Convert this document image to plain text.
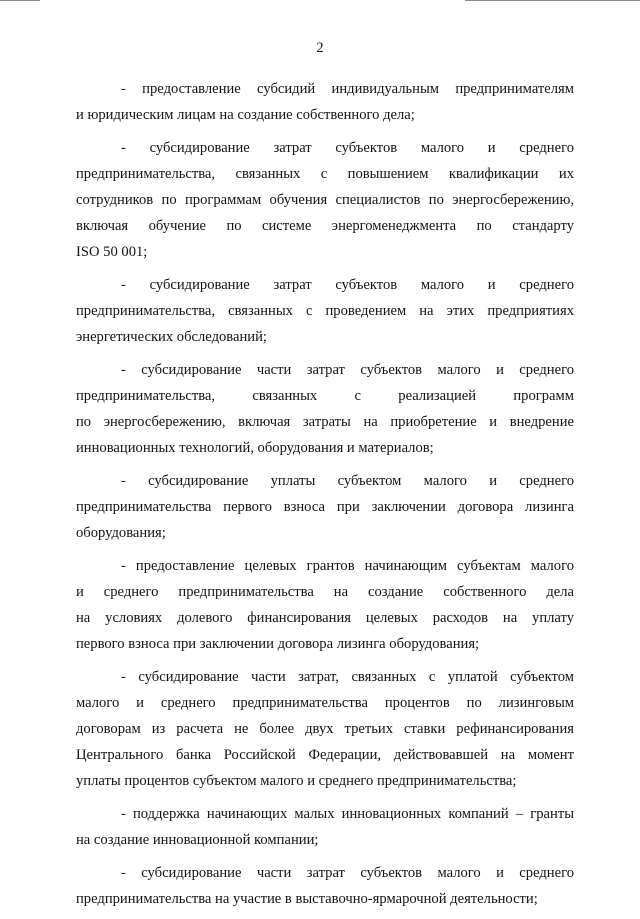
2

- предоставление субсидий индивидуальным предпринимателям
и юридическим лицам на создание собственного дела;

- субсидирование затрат субъектов малого и среднего
предпринимательства, связанных с повышением квалификации их
сотрудников по программам обучения специалистов по энергосбережению,
включая обучение по системе энергоменеджмента по стандарту
ISO 50 001;

- субсидирование затрат субъектов малого и среднего
предпринимательства, связанных с проведением на этих предприятиях
энергетических обследований;

- субсидирование части затрат субъектов малого и среднего
предпринимательства, связанных с реализацией программ
по энергосбережению, включая затраты на приобретение и внедрение
инновационных технологий, оборудования и материалов;

- субсидирование уплаты субъектом малого и среднего
предпринимательства первого взноса при заключении договора лизинга
оборудования;

- предоставление целевых грантов начинающим субъектам малого
и среднего предпринимательства на создание собственного дела
на условиях долевого финансирования целевых расходов на уплату
первого взноса при заключении договора лизинга оборудования;

- субсидирование части затрат, связанных с уплатой субъектом
малого и среднего предпринимательства процентов по лизинговым
договорам из расчета не более двух третьих ставки рефинансирования
Центрального банка Российской Федерации, действовавшей на момент
уплаты процентов субъектом малого и среднего предпринимательства;

- поддержка начинающих малых инновационных компаний – гранты
на создание инновационной компании;

- субсидирование части затрат субъектов малого и среднего
предпринимательства на участие в выставочно-ярмарочной деятельности;
